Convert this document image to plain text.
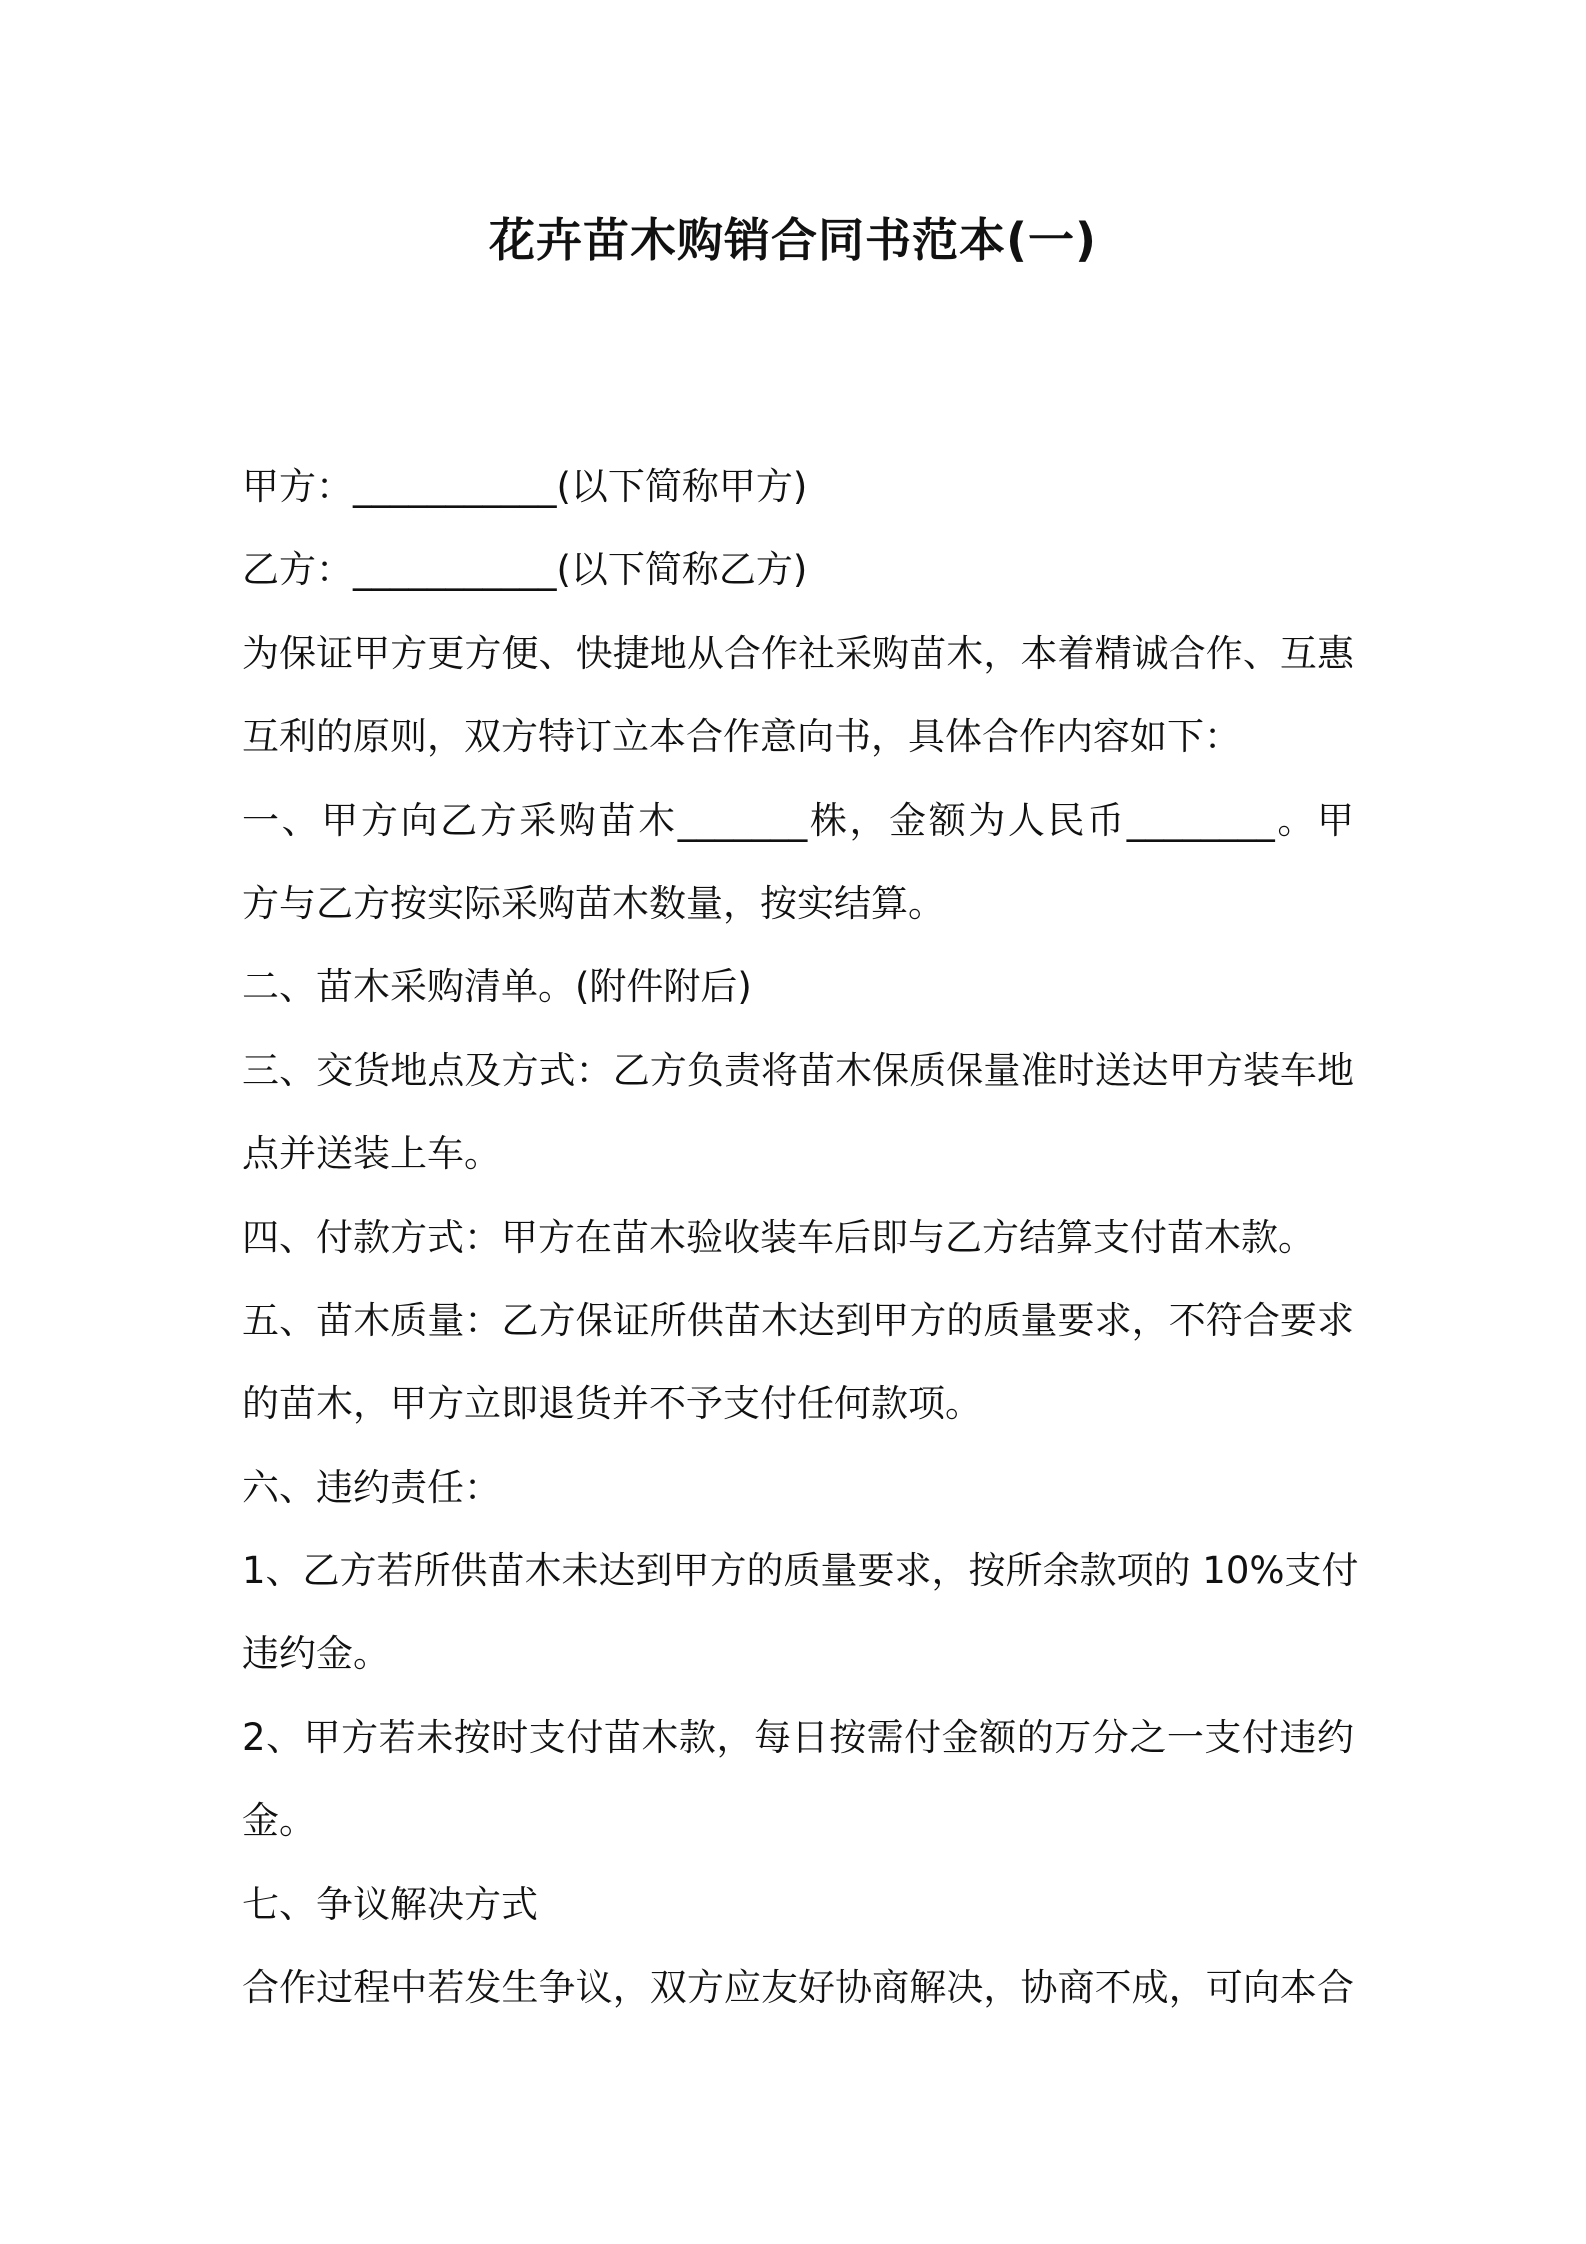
花卉苗木购销合同书范本(一)
甲方：___________(以下简称甲方)
乙方：___________(以下简称乙方)
为保证甲方更方便、快捷地从合作社采购苗木，本着精诚合作、互惠
互利的原则，双方特订立本合作意向书，具体合作内容如下：
一、甲方向乙方采购苗木_______株，金额为人民币________。甲
方与乙方按实际采购苗木数量，按实结算。
二、苗木采购清单。(附件附后)
三、交货地点及方式：乙方负责将苗木保质保量准时送达甲方装车地
点并送装上车。
四、付款方式：甲方在苗木验收装车后即与乙方结算支付苗木款。
五、苗木质量：乙方保证所供苗木达到甲方的质量要求，不符合要求
的苗木，甲方立即退货并不予支付任何款项。
六、违约责任：
1、乙方若所供苗木未达到甲方的质量要求，按所余款项的 10%支付
违约金。
2、甲方若未按时支付苗木款，每日按需付金额的万分之一支付违约
金。
七、争议解决方式
合作过程中若发生争议，双方应友好协商解决，协商不成，可向本合
